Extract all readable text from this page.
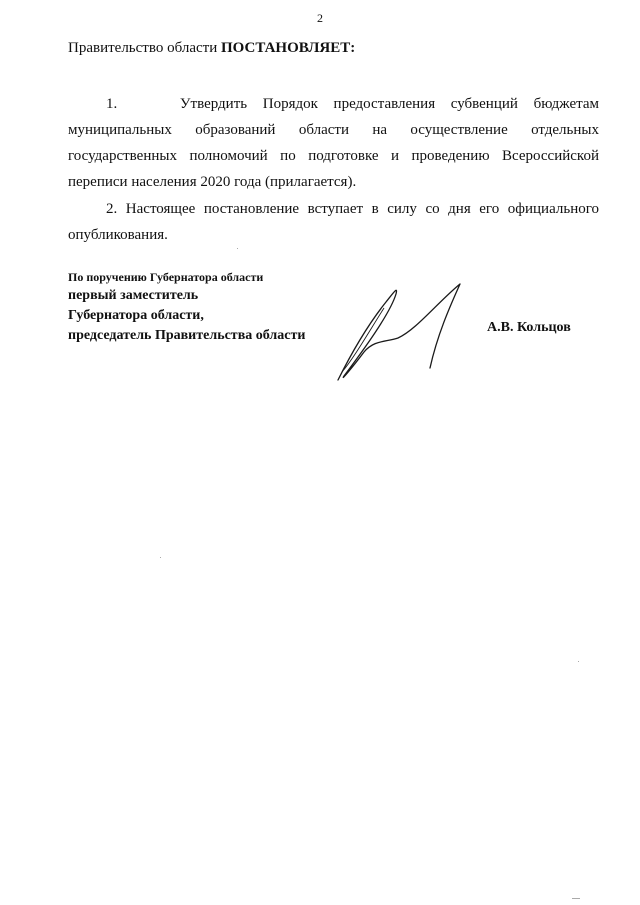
2
Правительство области ПОСТАНОВЛЯЕТ:
1.    Утвердить Порядок предоставления субвенций бюджетам
муниципальных образований области на осуществление отдельных
государственных полномочий по подготовке и проведению Всероссийской
переписи населения 2020 года (прилагается).
2. Настоящее постановление вступает в силу со дня его официального
опубликования.
По поручению Губернатора области
первый заместитель
Губернатора области,
председатель Правительства области
А.В. Кольцов
